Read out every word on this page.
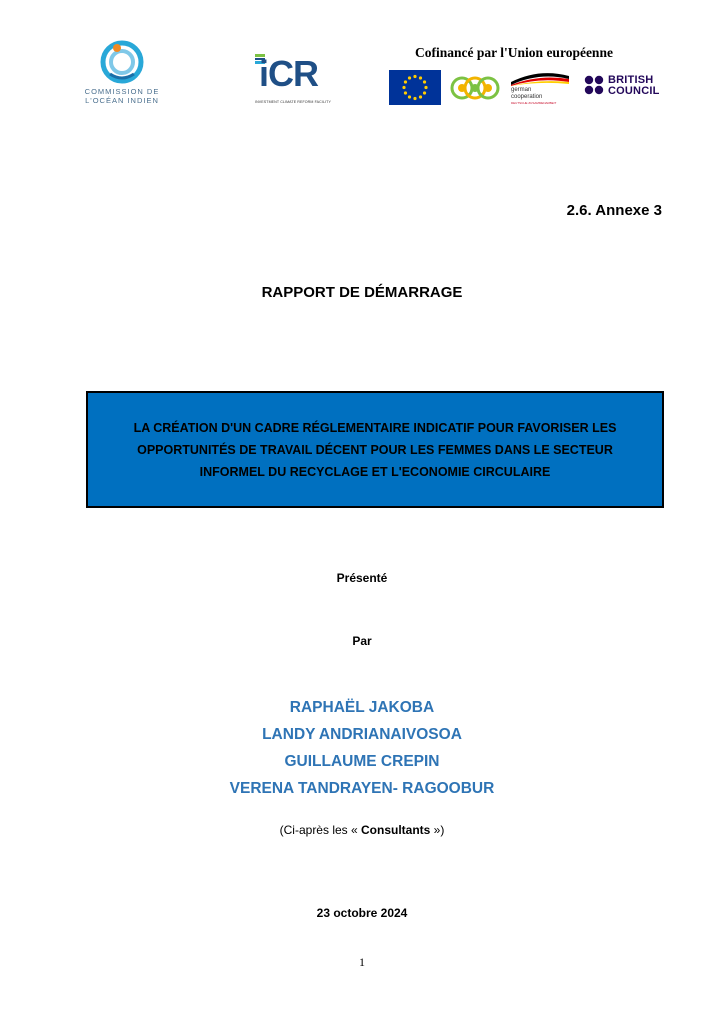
COMMISSION DE
L'OCÉAN INDIEN
iCR
INVESTMENT CLIMATE REFORM FACILITY
Cofinancé par l'Union européenne
german
cooperation
DEUTSCHE ZUSAMMENARBEIT
BRITISH
COUNCIL
2.6. Annexe 3
RAPPORT DE DÉMARRAGE
LA CRÉATION D'UN CADRE RÉGLEMENTAIRE INDICATIF POUR FAVORISER LES OPPORTUNITÉS DE TRAVAIL DÉCENT POUR LES FEMMES DANS LE SECTEUR INFORMEL DU RECYCLAGE ET L'ECONOMIE CIRCULAIRE
Présenté
Par
RAPHAËL JAKOBA
LANDY ANDRIANAIVOSOA
GUILLAUME CREPIN
VERENA TANDRAYEN- RAGOOBUR
(Ci-après les « Consultants »)
23 octobre 2024
1
